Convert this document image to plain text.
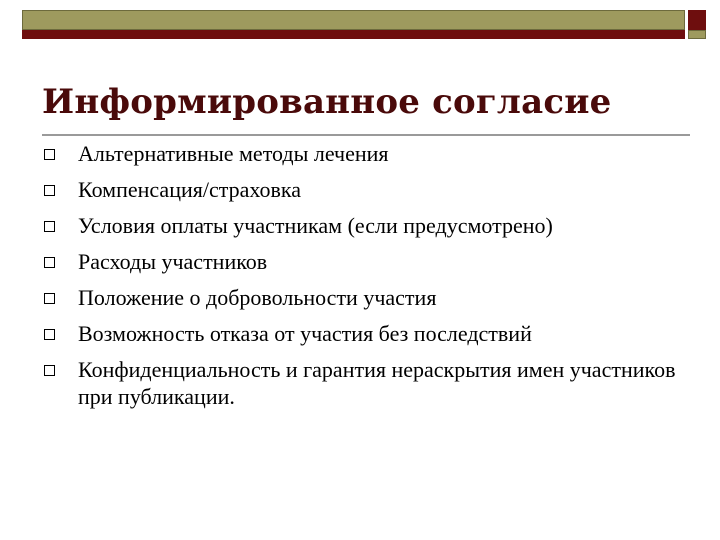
Информированное согласие
Альтернативные методы лечения
Компенсация/страховка
Условия оплаты участникам (если предусмотрено)
Расходы участников
Положение о добровольности участия
Возможность отказа от участия без последствий
Конфиденциальность и гарантия нераскрытия имен участников при публикации.
